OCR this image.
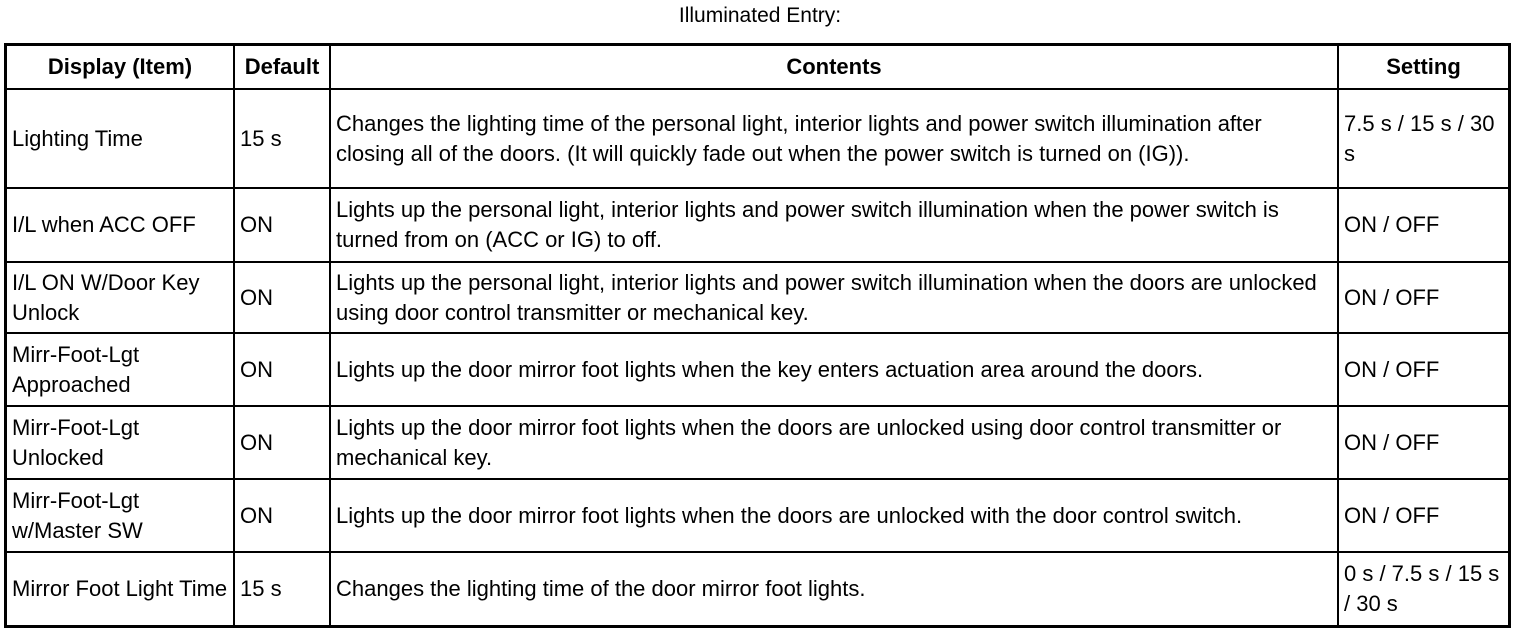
Illuminated Entry:
Display (Item)	Default	Contents	Setting
Lighting Time	15 s	Changes the lighting time of the personal light, interior lights and power switch illumination after closing all of the doors. (It will quickly fade out when the power switch is turned on (IG)).	7.5 s / 15 s / 30 s
I/L when ACC OFF	ON	Lights up the personal light, interior lights and power switch illumination when the power switch is turned from on (ACC or IG) to off.	ON / OFF
I/L ON W/Door Key Unlock	ON	Lights up the personal light, interior lights and power switch illumination when the doors are unlocked using door control transmitter or mechanical key.	ON / OFF
Mirr-Foot-Lgt Approached	ON	Lights up the door mirror foot lights when the key enters actuation area around the doors.	ON / OFF
Mirr-Foot-Lgt Unlocked	ON	Lights up the door mirror foot lights when the doors are unlocked using door control transmitter or mechanical key.	ON / OFF
Mirr-Foot-Lgt w/Master SW	ON	Lights up the door mirror foot lights when the doors are unlocked with the door control switch.	ON / OFF
Mirror Foot Light Time	15 s	Changes the lighting time of the door mirror foot lights.	0 s / 7.5 s / 15 s / 30 s
